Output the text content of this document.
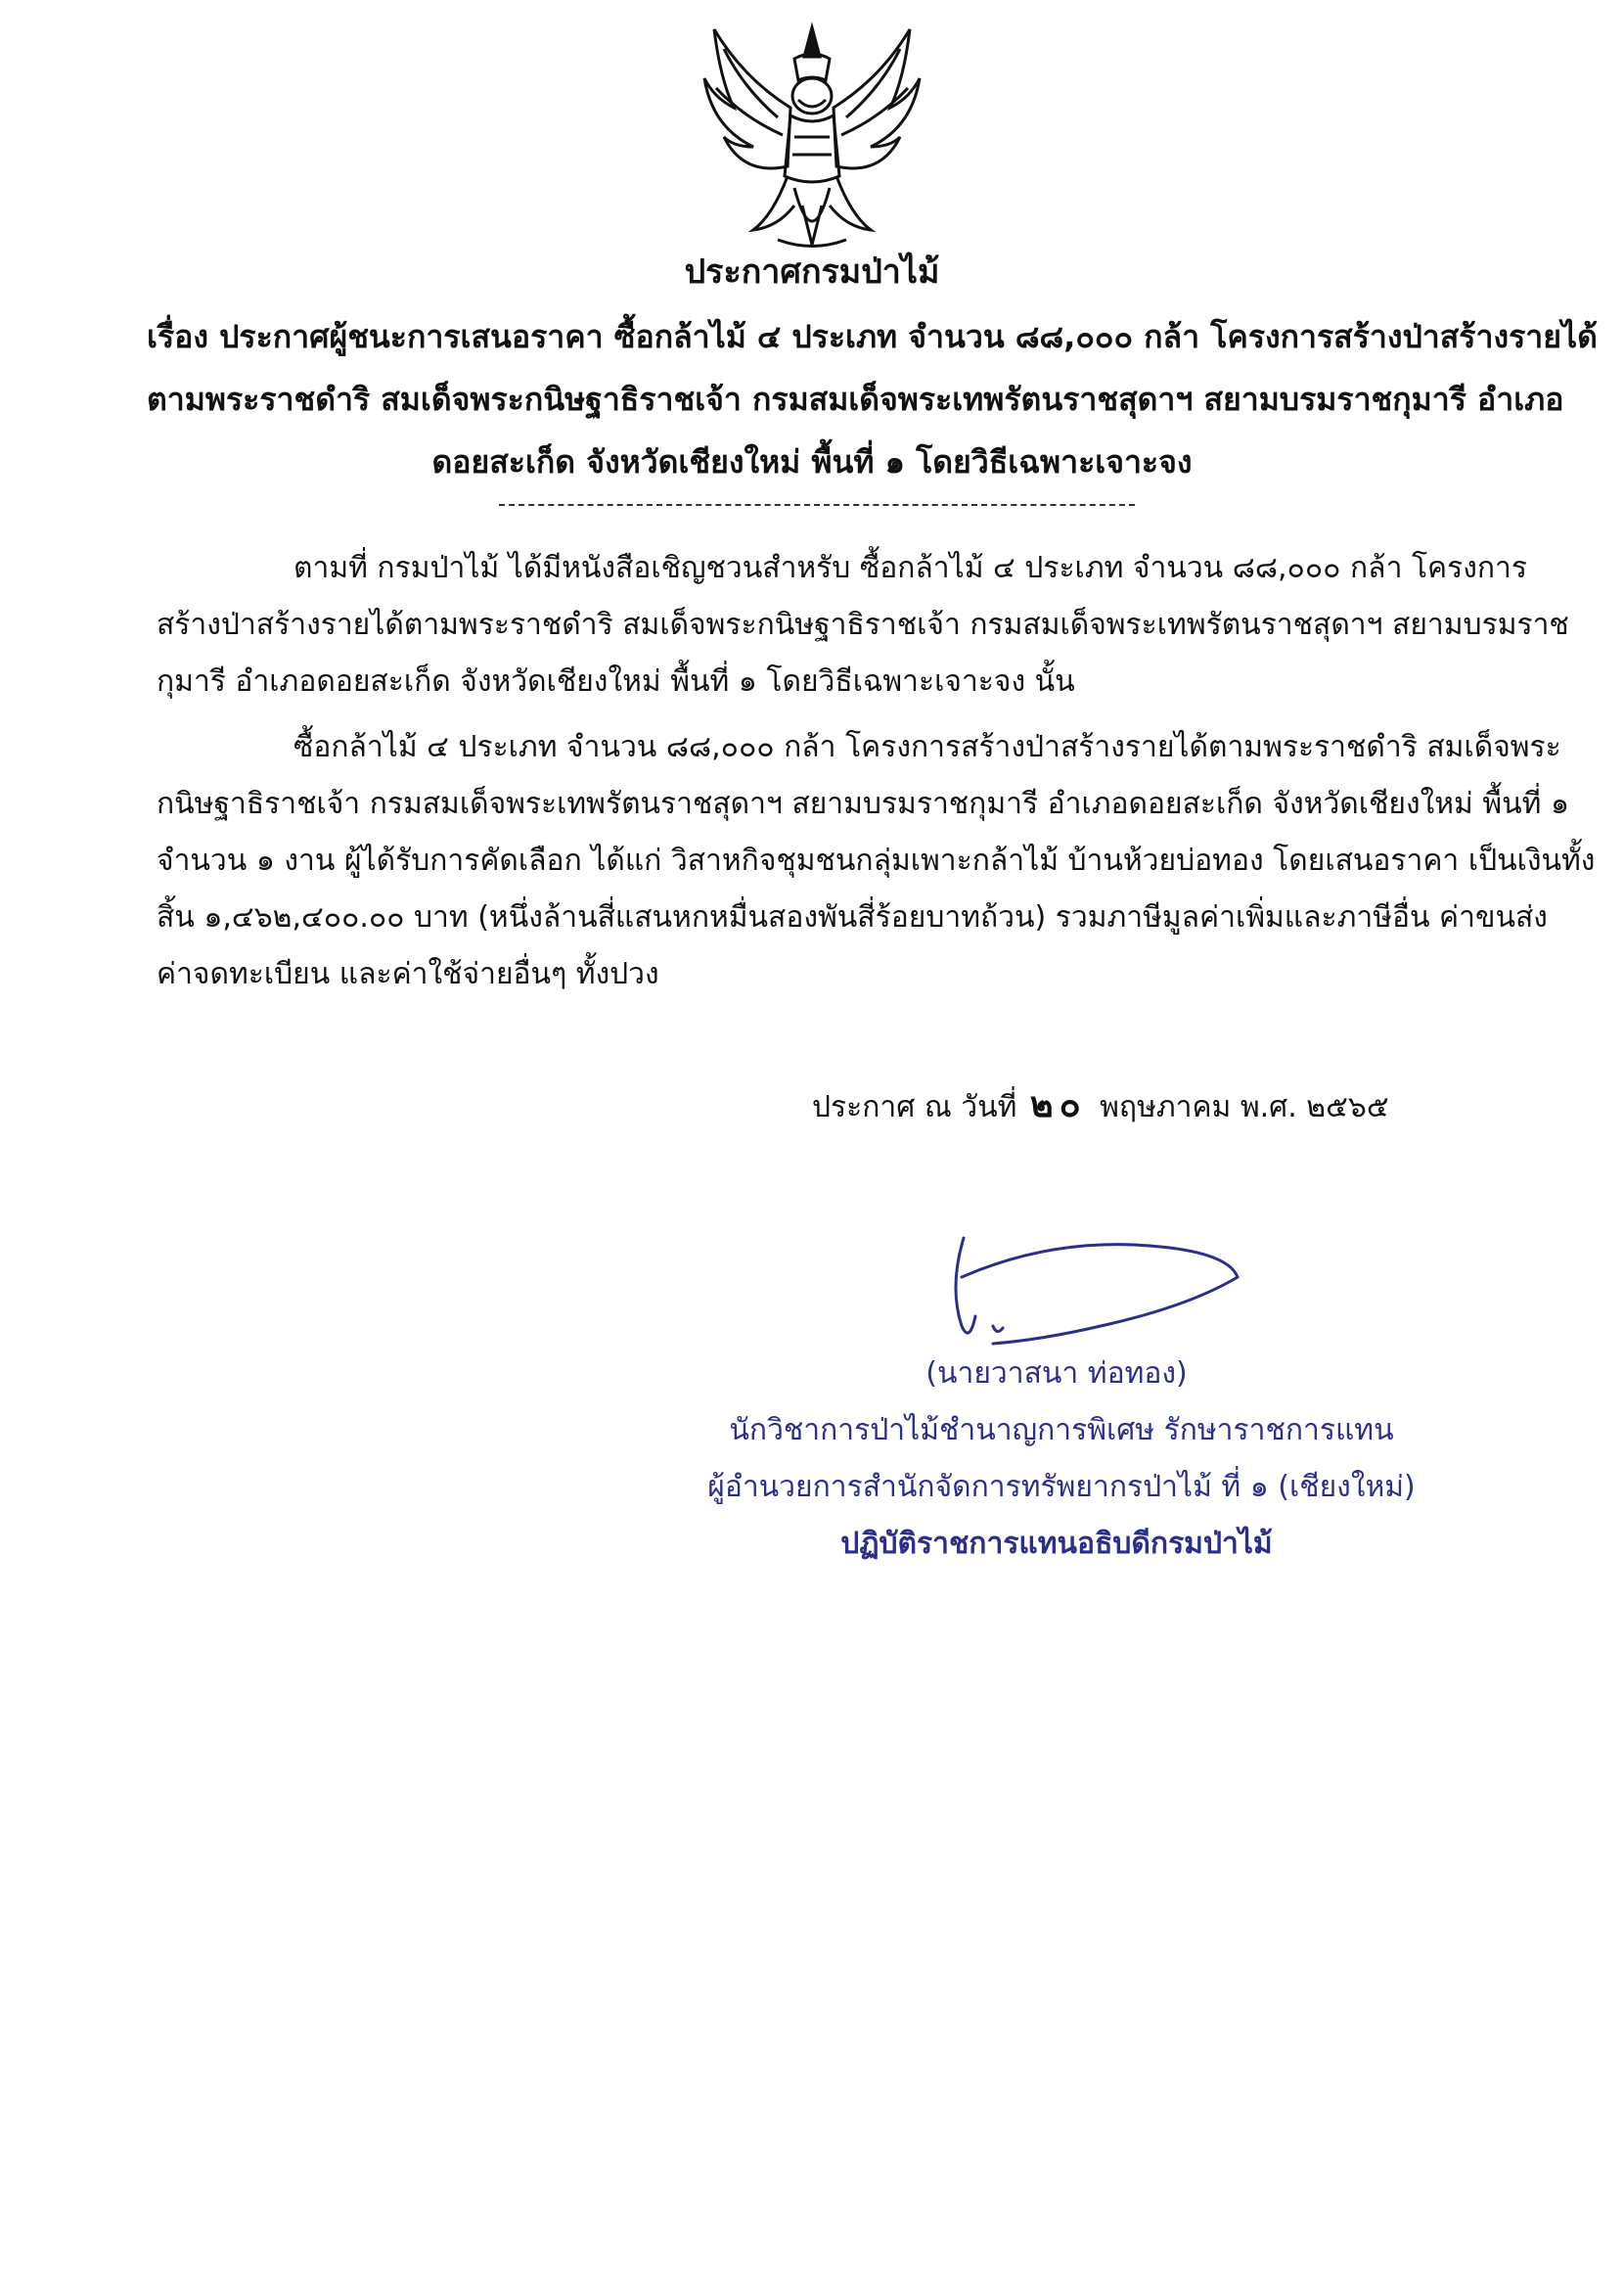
ประกาศกรมป่าไม้
เรื่อง ประกาศผู้ชนะการเสนอราคา ซื้อกล้าไม้ ๔ ประเภท จำนวน ๘๘,๐๐๐ กล้า โครงการสร้างป่าสร้างรายได้
ตามพระราชดำริ สมเด็จพระกนิษฐาธิราชเจ้า กรมสมเด็จพระเทพรัตนราชสุดาฯ สยามบรมราชกุมารี อำเภอ
ดอยสะเก็ด จังหวัดเชียงใหม่ พื้นที่ ๑ โดยวิธีเฉพาะเจาะจง
ตามที่ กรมป่าไม้ ได้มีหนังสือเชิญชวนสำหรับ ซื้อกล้าไม้ ๔ ประเภท จำนวน ๘๘,๐๐๐ กล้า โครงการ
สร้างป่าสร้างรายได้ตามพระราชดำริ สมเด็จพระกนิษฐาธิราชเจ้า กรมสมเด็จพระเทพรัตนราชสุดาฯ สยามบรมราช
กุมารี อำเภอดอยสะเก็ด จังหวัดเชียงใหม่ พื้นที่ ๑ โดยวิธีเฉพาะเจาะจง นั้น
ซื้อกล้าไม้ ๔ ประเภท จำนวน ๘๘,๐๐๐ กล้า โครงการสร้างป่าสร้างรายได้ตามพระราชดำริ สมเด็จพระ
กนิษฐาธิราชเจ้า กรมสมเด็จพระเทพรัตนราชสุดาฯ สยามบรมราชกุมารี อำเภอดอยสะเก็ด จังหวัดเชียงใหม่ พื้นที่ ๑
จำนวน ๑ งาน ผู้ได้รับการคัดเลือก ได้แก่ วิสาหกิจชุมชนกลุ่มเพาะกล้าไม้ บ้านห้วยบ่อทอง โดยเสนอราคา เป็นเงินทั้ง
สิ้น ๑,๔๖๒,๔๐๐.๐๐ บาท (หนึ่งล้านสี่แสนหกหมื่นสองพันสี่ร้อยบาทถ้วน) รวมภาษีมูลค่าเพิ่มและภาษีอื่น ค่าขนส่ง
ค่าจดทะเบียน และค่าใช้จ่ายอื่นๆ ทั้งปวง
ประกาศ ณ วันที่ ๒๐ พฤษภาคม พ.ศ. ๒๕๖๕
(นายวาสนา ท่อทอง)
นักวิชาการป่าไม้ชำนาญการพิเศษ รักษาราชการแทน
ผู้อำนวยการสำนักจัดการทรัพยากรป่าไม้ ที่ ๑ (เชียงใหม่)
ปฏิบัติราชการแทนอธิบดีกรมป่าไม้
